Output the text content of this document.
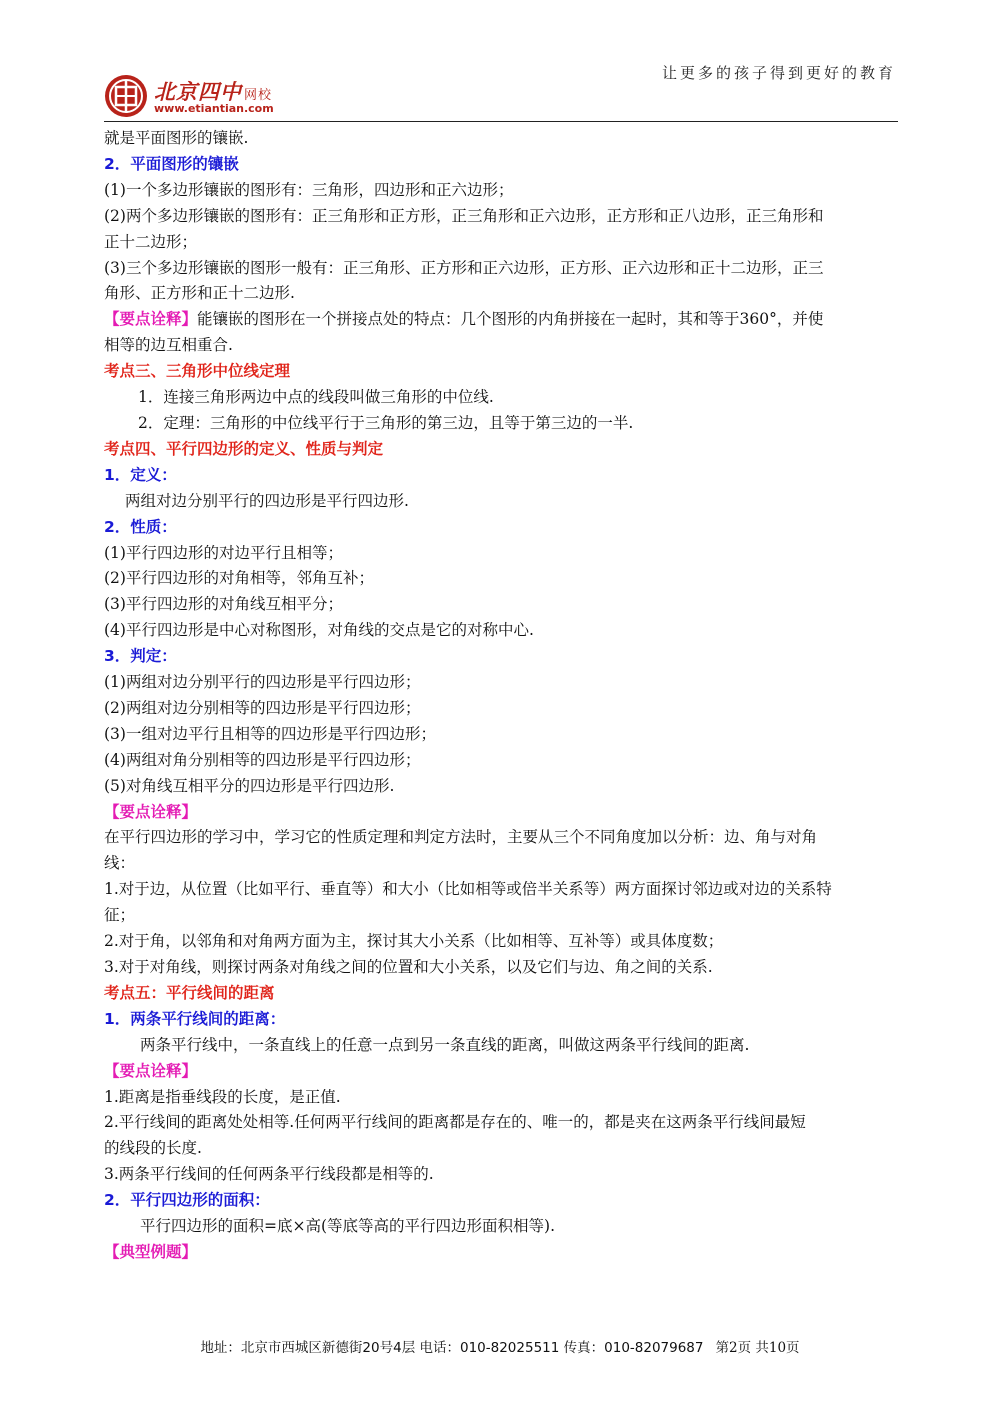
让更多的孩子得到更好的教育
北京四中 网校
www.etiantian.com

就是平面图形的镶嵌.

2．平面图形的镶嵌

(1)一个多边形镶嵌的图形有：三角形，四边形和正六边形；

(2)两个多边形镶嵌的图形有：正三角形和正方形，正三角形和正六边形，正方形和正八边形，正三角形和

正十二边形；

(3)三个多边形镶嵌的图形一般有：正三角形、正方形和正六边形，正方形、正六边形和正十二边形，正三

角形、正方形和正十二边形.

【要点诠释】能镶嵌的图形在一个拼接点处的特点：几个图形的内角拼接在一起时，其和等于360°，并使

相等的边互相重合.

考点三、三角形中位线定理

1．连接三角形两边中点的线段叫做三角形的中位线.

2．定理：三角形的中位线平行于三角形的第三边，且等于第三边的一半.

考点四、平行四边形的定义、性质与判定

1．定义：

两组对边分别平行的四边形是平行四边形.

2．性质：

(1)平行四边形的对边平行且相等；

(2)平行四边形的对角相等，邻角互补；

(3)平行四边形的对角线互相平分；

(4)平行四边形是中心对称图形，对角线的交点是它的对称中心.

3．判定：

(1)两组对边分别平行的四边形是平行四边形；

(2)两组对边分别相等的四边形是平行四边形；

(3)一组对边平行且相等的四边形是平行四边形；

(4)两组对角分别相等的四边形是平行四边形；

(5)对角线互相平分的四边形是平行四边形.

【要点诠释】

在平行四边形的学习中，学习它的性质定理和判定方法时，主要从三个不同角度加以分析：边、角与对角

线：

1.对于边，从位置（比如平行、垂直等）和大小（比如相等或倍半关系等）两方面探讨邻边或对边的关系特

征；

2.对于角，以邻角和对角两方面为主，探讨其大小关系（比如相等、互补等）或具体度数；

3.对于对角线，则探讨两条对角线之间的位置和大小关系，以及它们与边、角之间的关系.

考点五：平行线间的距离

1．两条平行线间的距离：

两条平行线中，一条直线上的任意一点到另一条直线的距离，叫做这两条平行线间的距离.

【要点诠释】

1.距离是指垂线段的长度，是正值.

2.平行线间的距离处处相等.任何两平行线间的距离都是存在的、唯一的，都是夹在这两条平行线间最短

的线段的长度.

3.两条平行线间的任何两条平行线段都是相等的.

2．平行四边形的面积：

平行四边形的面积=底×高(等底等高的平行四边形面积相等).

【典型例题】

地址：北京市西城区新德街20号4层 电话：010-82025511 传真：010-82079687 第2页 共10页
